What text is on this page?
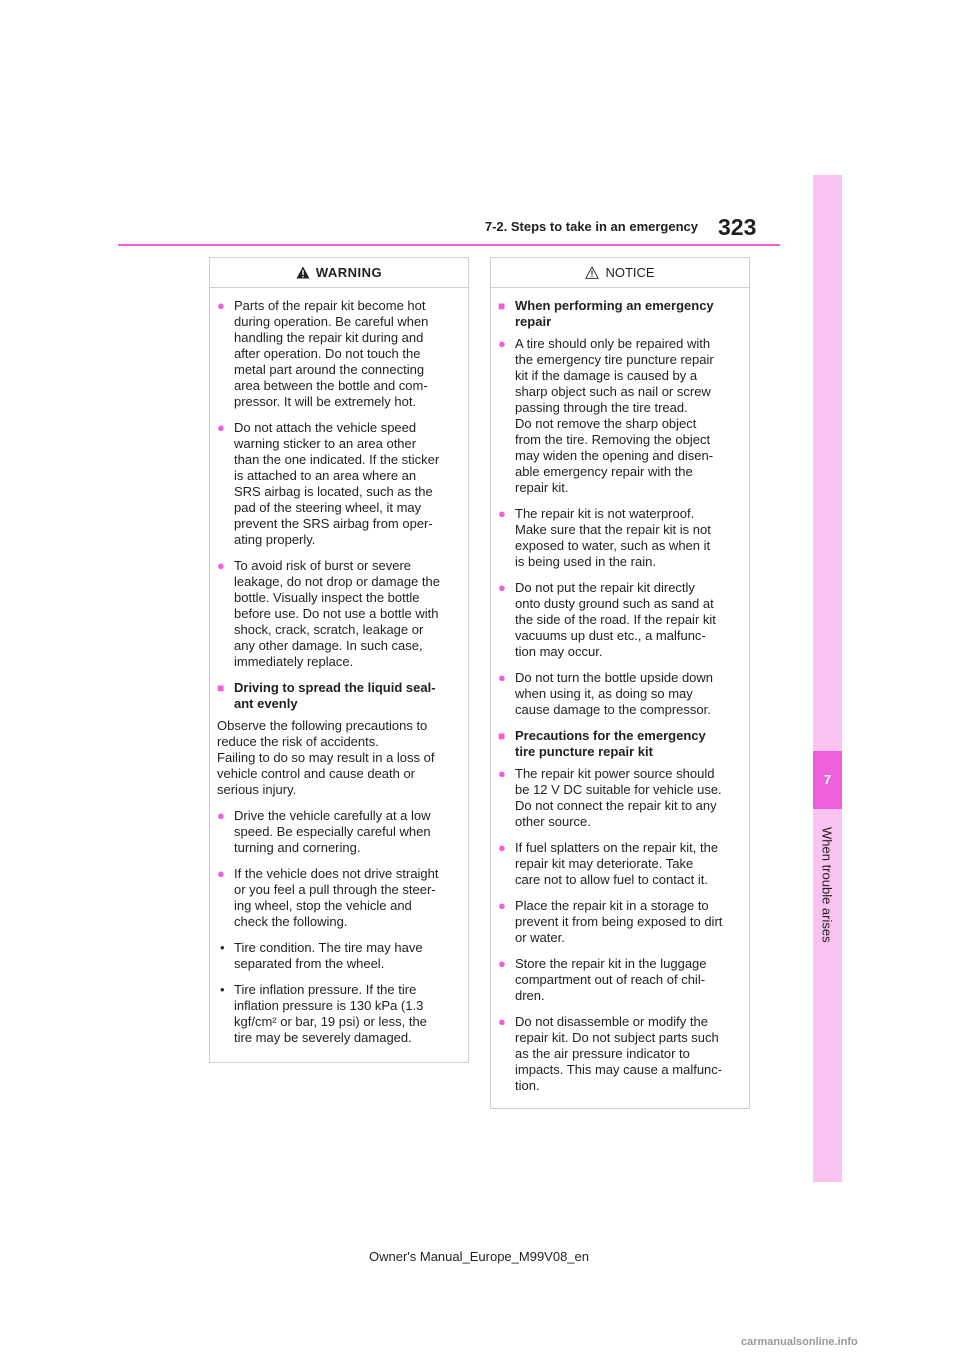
7-2. Steps to take in an emergency 323
7
When trouble arises
WARNING
● Parts of the repair kit become hot
during operation. Be careful when
handling the repair kit during and
after operation. Do not touch the
metal part around the connecting
area between the bottle and com-
pressor. It will be extremely hot.
● Do not attach the vehicle speed
warning sticker to an area other
than the one indicated. If the sticker
is attached to an area where an
SRS airbag is located, such as the
pad of the steering wheel, it may
prevent the SRS airbag from oper-
ating properly.
● To avoid risk of burst or severe
leakage, do not drop or damage the
bottle. Visually inspect the bottle
before use. Do not use a bottle with
shock, crack, scratch, leakage or
any other damage. In such case,
immediately replace.
■ Driving to spread the liquid seal-
ant evenly
Observe the following precautions to
reduce the risk of accidents.
Failing to do so may result in a loss of
vehicle control and cause death or
serious injury.
● Drive the vehicle carefully at a low
speed. Be especially careful when
turning and cornering.
● If the vehicle does not drive straight
or you feel a pull through the steer-
ing wheel, stop the vehicle and
check the following.
• Tire condition. The tire may have
separated from the wheel.
• Tire inflation pressure. If the tire
inflation pressure is 130 kPa (1.3
kgf/cm² or bar, 19 psi) or less, the
tire may be severely damaged.
NOTICE
■ When performing an emergency
repair
● A tire should only be repaired with
the emergency tire puncture repair
kit if the damage is caused by a
sharp object such as nail or screw
passing through the tire tread.
Do not remove the sharp object
from the tire. Removing the object
may widen the opening and disen-
able emergency repair with the
repair kit.
● The repair kit is not waterproof.
Make sure that the repair kit is not
exposed to water, such as when it
is being used in the rain.
● Do not put the repair kit directly
onto dusty ground such as sand at
the side of the road. If the repair kit
vacuums up dust etc., a malfunc-
tion may occur.
● Do not turn the bottle upside down
when using it, as doing so may
cause damage to the compressor.
■ Precautions for the emergency
tire puncture repair kit
● The repair kit power source should
be 12 V DC suitable for vehicle use.
Do not connect the repair kit to any
other source.
● If fuel splatters on the repair kit, the
repair kit may deteriorate. Take
care not to allow fuel to contact it.
● Place the repair kit in a storage to
prevent it from being exposed to dirt
or water.
● Store the repair kit in the luggage
compartment out of reach of chil-
dren.
● Do not disassemble or modify the
repair kit. Do not subject parts such
as the air pressure indicator to
impacts. This may cause a malfunc-
tion.
Owner's Manual_Europe_M99V08_en
carmanualsonline.info
